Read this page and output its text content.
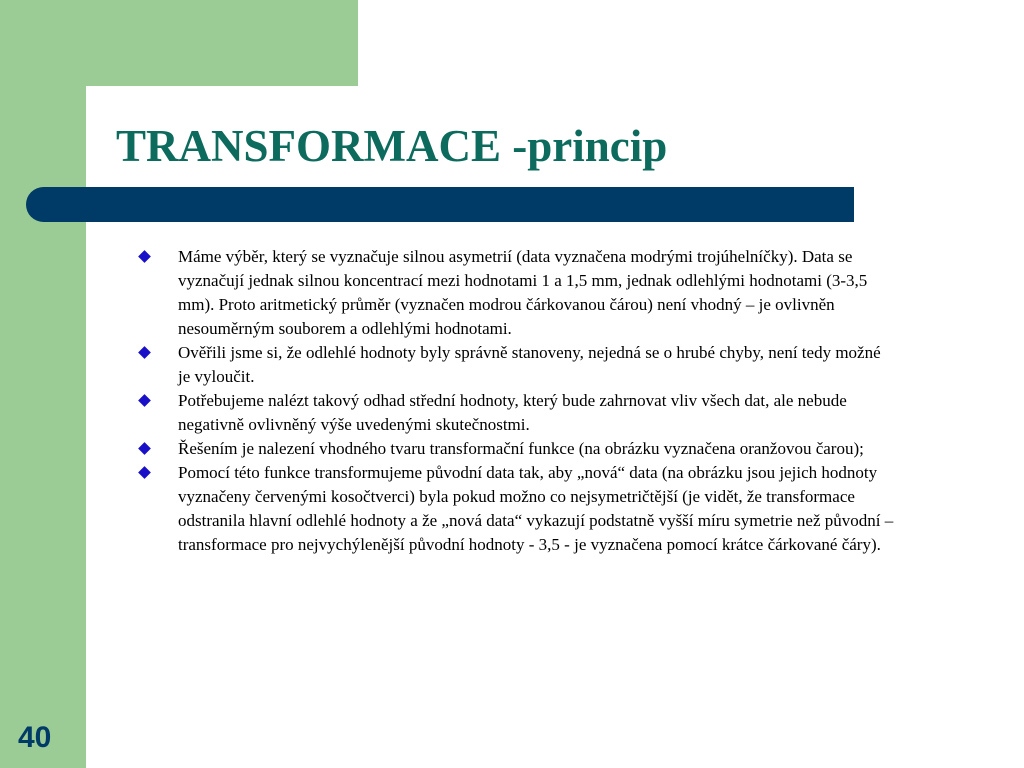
TRANSFORMACE -princip
Máme výběr, který se vyznačuje silnou asymetrií (data vyznačena modrými trojúhelníčky). Data se vyznačují jednak silnou koncentrací mezi hodnotami 1 a 1,5 mm, jednak odlehlými hodnotami (3-3,5 mm). Proto aritmetický průměr (vyznačen modrou čárkovanou čárou) není vhodný – je ovlivněn nesouměrným souborem a odlehlými hodnotami.
Ověřili jsme si, že odlehlé hodnoty byly správně stanoveny, nejedná se o hrubé chyby, není tedy možné je vyloučit.
Potřebujeme nalézt takový odhad střední hodnoty, který bude zahrnovat vliv všech dat, ale nebude negativně ovlivněný výše uvedenými skutečnostmi.
Řešením je nalezení vhodného tvaru transformační funkce (na obrázku vyznačena oranžovou čarou);
Pomocí této funkce transformujeme původní data tak, aby „nová“ data (na obrázku jsou jejich hodnoty vyznačeny červenými kosočtverci) byla pokud možno co nejsymetričtější (je vidět, že transformace odstranila hlavní odlehlé hodnoty a že „nová data“ vykazují podstatně vyšší míru symetrie než původní – transformace pro nejvychýlenější původní hodnoty - 3,5 - je vyznačena pomocí krátce čárkované čáry).
40
